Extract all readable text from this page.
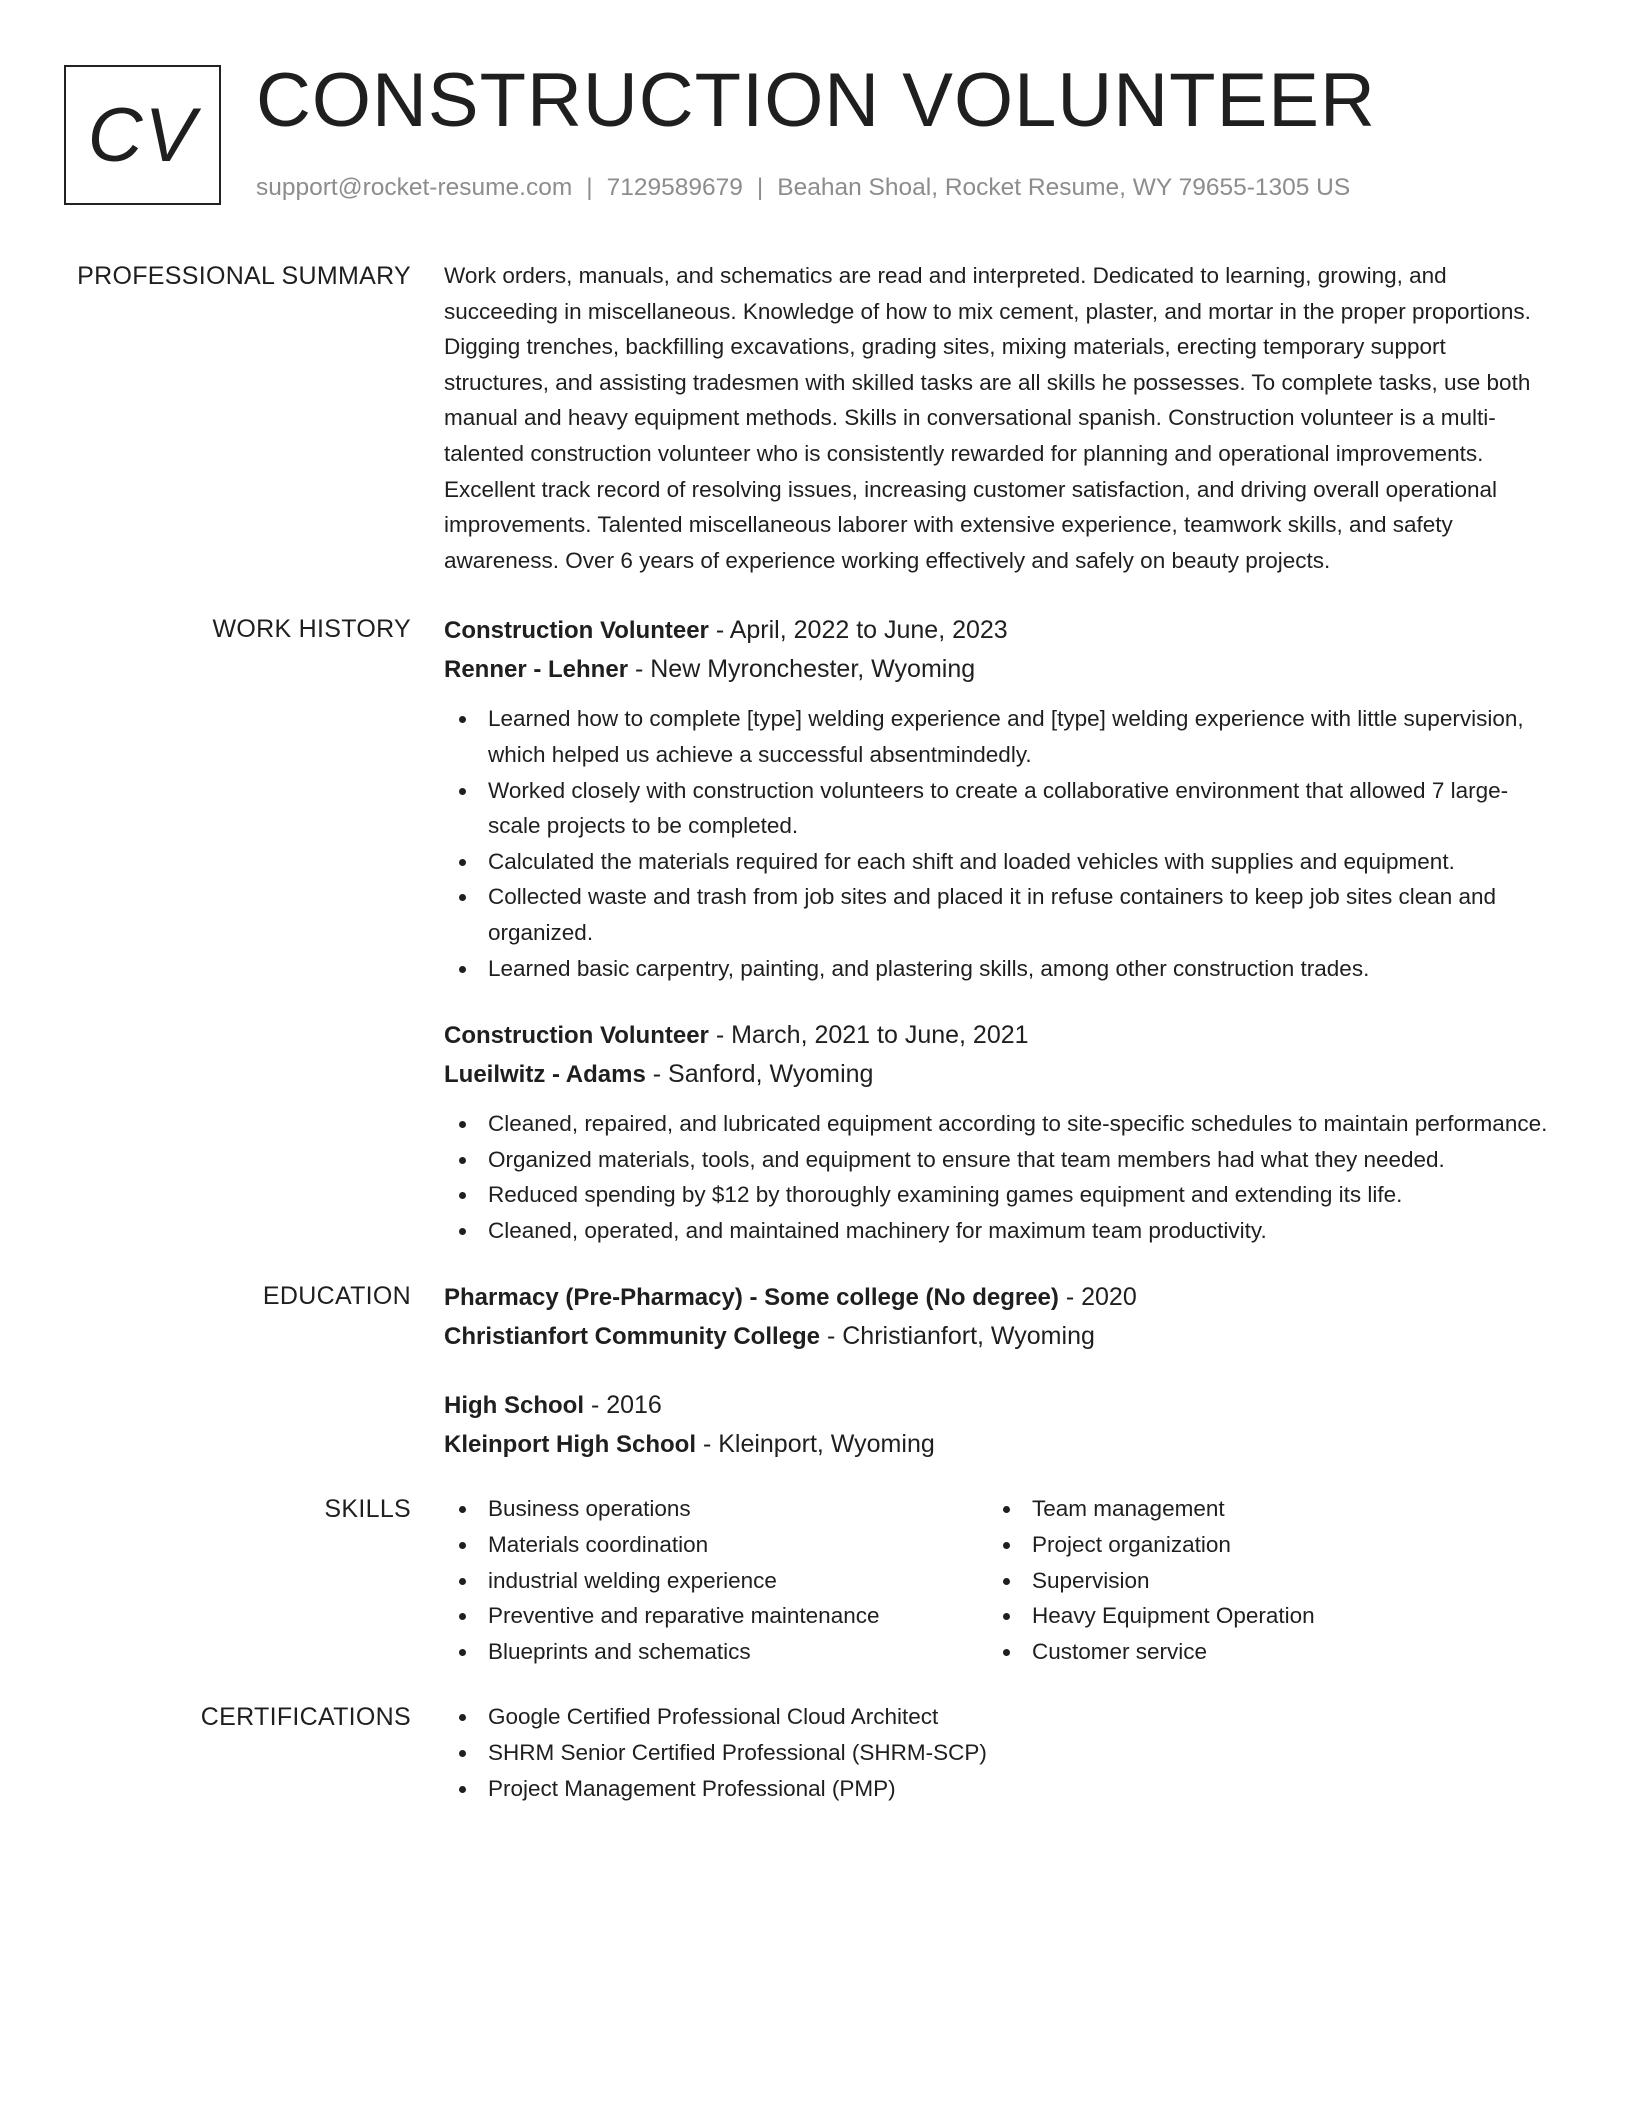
CV CONSTRUCTION VOLUNTEER
support@rocket-resume.com | 7129589679 | Beahan Shoal, Rocket Resume, WY 79655-1305 US
PROFESSIONAL SUMMARY Work orders, manuals, and schematics are read and interpreted. Dedicated to learning, growing, and succeeding in miscellaneous. Knowledge of how to mix cement, plaster, and mortar in the proper proportions. Digging trenches, backfilling excavations, grading sites, mixing materials, erecting temporary support structures, and assisting tradesmen with skilled tasks are all skills he possesses. To complete tasks, use both manual and heavy equipment methods. Skills in conversational spanish. Construction volunteer is a multi-talented construction volunteer who is consistently rewarded for planning and operational improvements. Excellent track record of resolving issues, increasing customer satisfaction, and driving overall operational improvements. Talented miscellaneous laborer with extensive experience, teamwork skills, and safety awareness. Over 6 years of experience working effectively and safely on beauty projects.

WORK HISTORY Construction Volunteer - April, 2022 to June, 2023
Renner - Lehner - New Myronchester, Wyoming
Learned how to complete [type] welding experience and [type] welding experience with little supervision, which helped us achieve a successful absentmindedly.
Worked closely with construction volunteers to create a collaborative environment that allowed 7 large-scale projects to be completed.
Calculated the materials required for each shift and loaded vehicles with supplies and equipment.
Collected waste and trash from job sites and placed it in refuse containers to keep job sites clean and organized.
Learned basic carpentry, painting, and plastering skills, among other construction trades.
Construction Volunteer - March, 2021 to June, 2021
Lueilwitz - Adams - Sanford, Wyoming
Cleaned, repaired, and lubricated equipment according to site-specific schedules to maintain performance.
Organized materials, tools, and equipment to ensure that team members had what they needed.
Reduced spending by $12 by thoroughly examining games equipment and extending its life.
Cleaned, operated, and maintained machinery for maximum team productivity.
EDUCATION Pharmacy (Pre-Pharmacy) - Some college (No degree) - 2020
Christianfort Community College - Christianfort, Wyoming
High School - 2016
Kleinport High School - Kleinport, Wyoming
SKILLS	Business operations
Materials coordination
industrial welding experience
Preventive and reparative maintenance
Blueprints and schematics
Team management
Project organization
Supervision
Heavy Equipment Operation
Customer service
CERTIFICATIONS	Google Certified Professional Cloud Architect
SHRM Senior Certified Professional (SHRM-SCP)
Project Management Professional (PMP)
